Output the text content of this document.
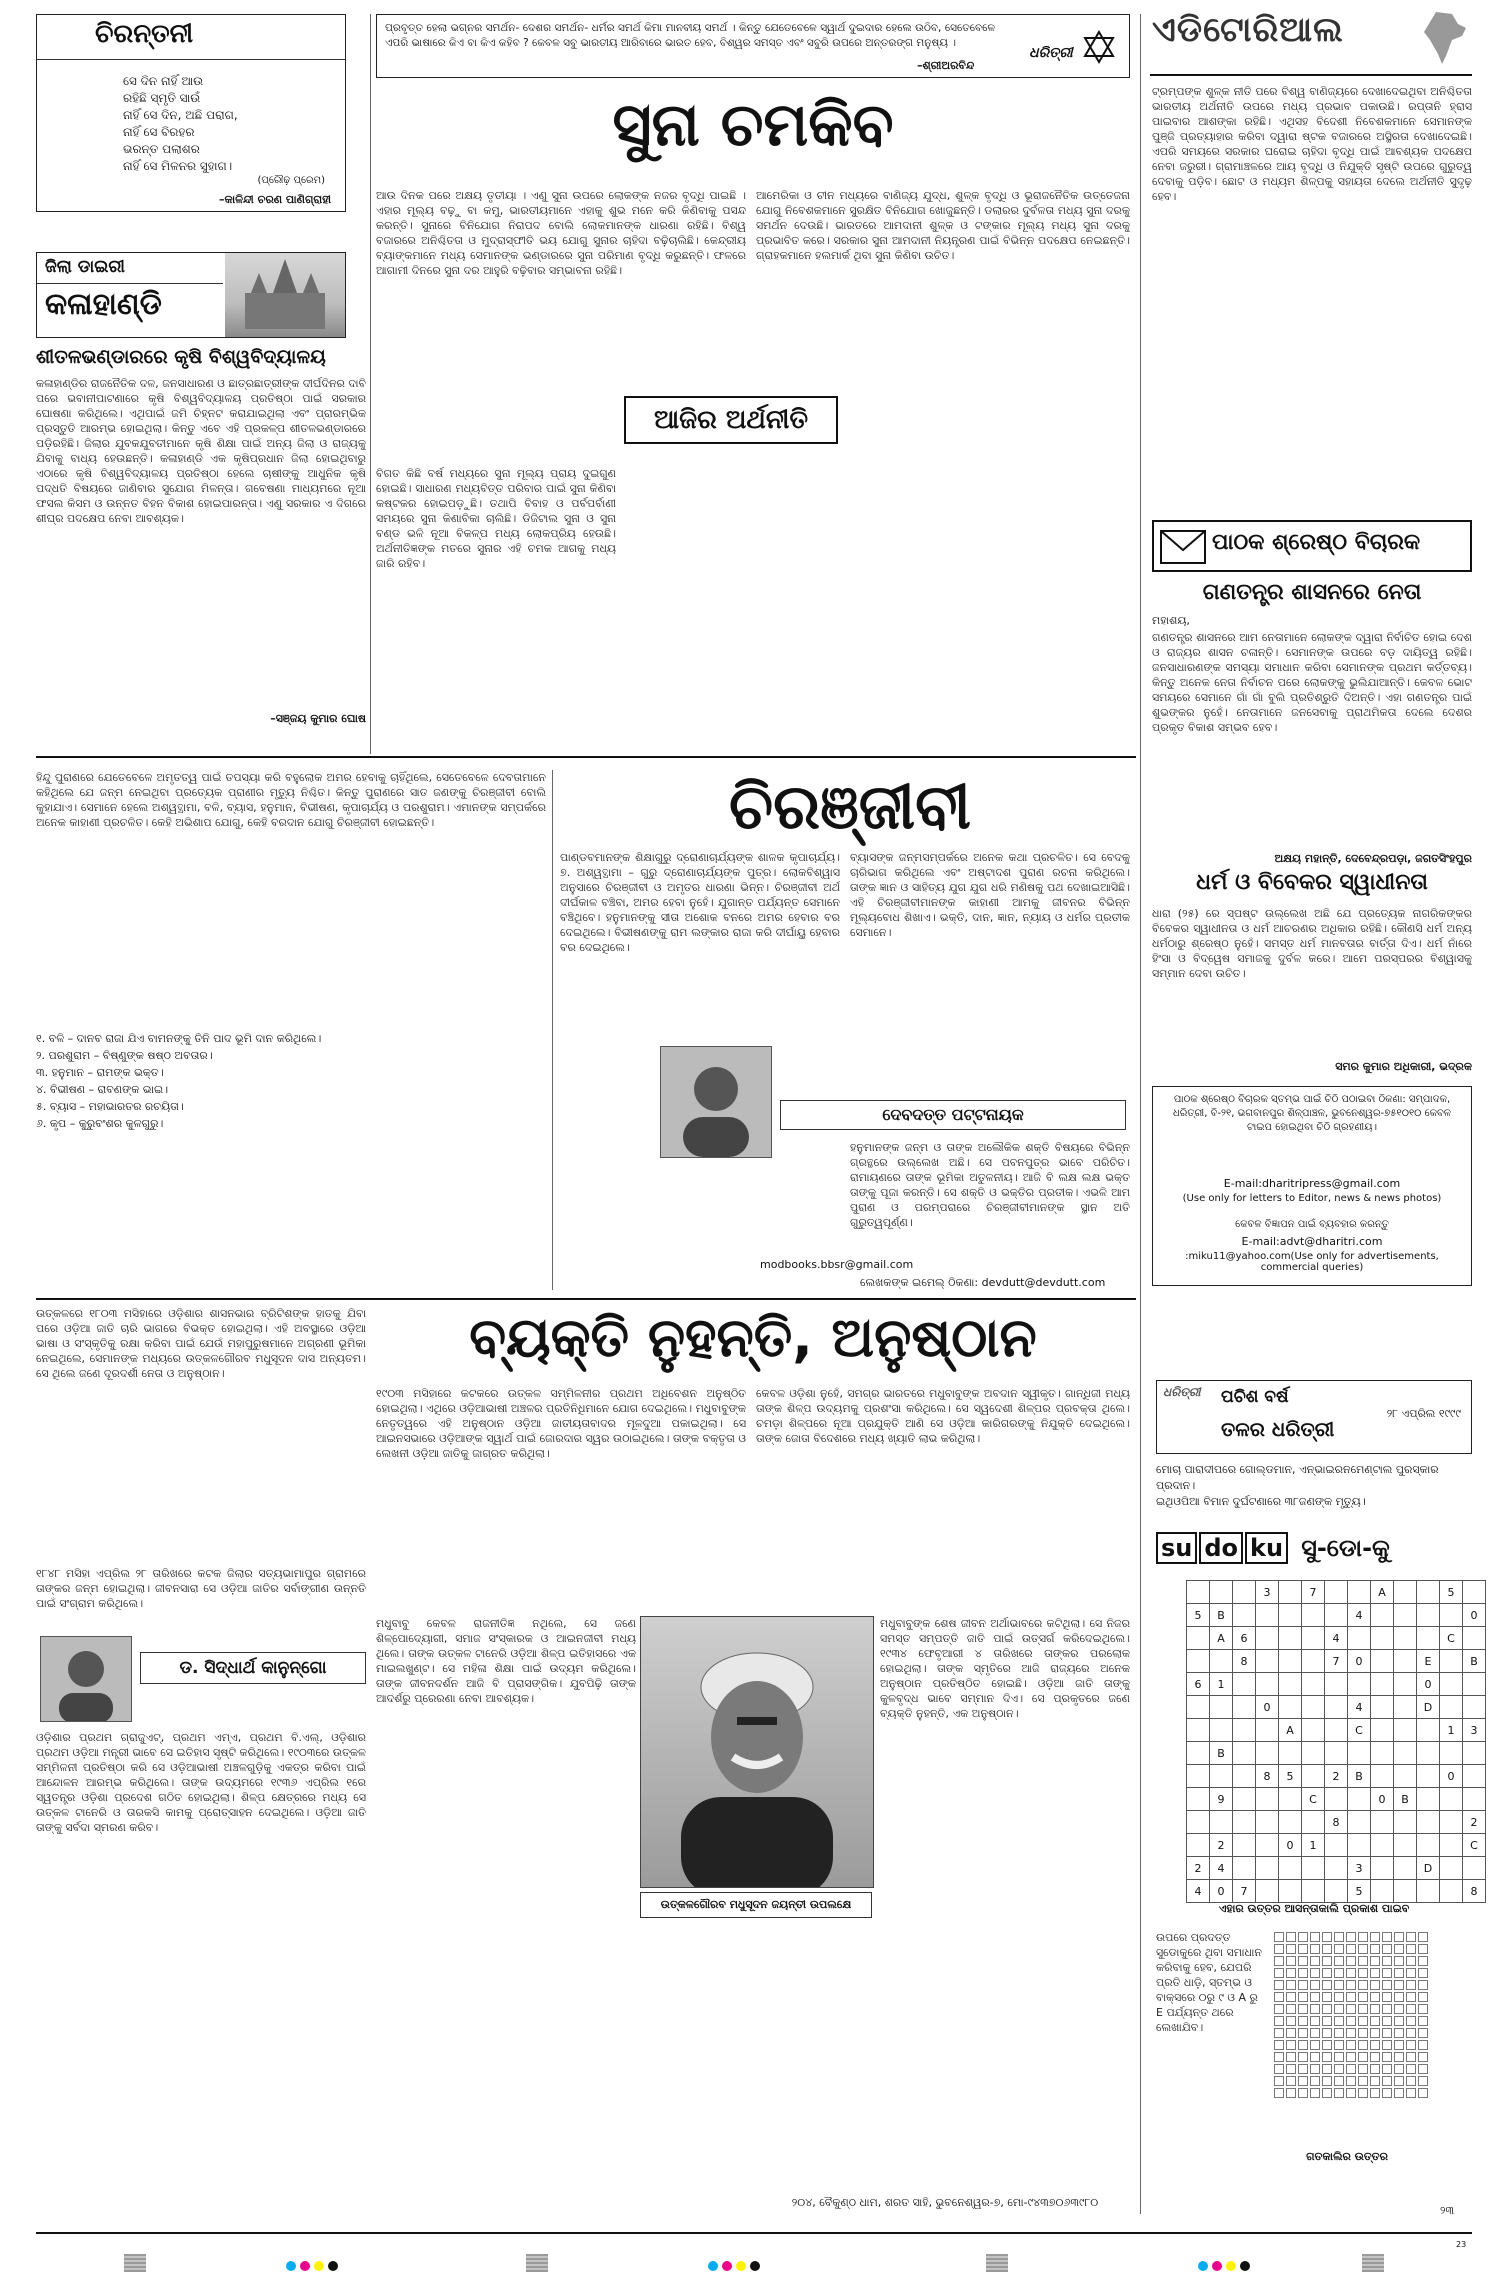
ଚିରନ୍ତନୀ
ସେ ଦିନ ନାହିଁ ଆଉ
ରହିଛି ସ୍ମୃତି ସାଉଁ
ନାହିଁ ସେ ଦିନ, ଅଛି ପରାଗ,
ନାହିଁ ସେ ବିରହର
ଭରନ୍ତ ପଲାଶର
ନାହିଁ ସେ ମିଳନର ସୁହାଗ।
(ପ୍ରୌଢ଼ ପ୍ରେମ)
–କାଳିନ୍ଦୀ ଚରଣ ପାଣିଗ୍ରାହୀ
ପ୍ରବୃତ୍ତ ହେଲା ଭଗ୍ନର ସମର୍ଥନ- ଦେଶର ସମର୍ଥନ- ଧର୍ମର ସମର୍ଥ କିମା ମାନବୀୟ ସମର୍ଥ । କିନ୍ତୁ ଯେତେବେଳେ ସ୍ୱାର୍ଥ ଦୁଇଦାର ହେଲେ ଉଠିବ, ସେତେବେଳେ ଏପରି ଭାଷାରେ କିଏ ବା କିଏ କହିବ ? କେବଳ ସବୁ ଭାରତୀୟ ଆରିବାରେ ଭାରତ ହେବ, ବିଶ୍ୱର ସମସ୍ତ ଏବଂ ସବୁରି ଉପରେ ଅନ୍ତରଙ୍ଗ ମନୁଷ୍ୟ ।
–ଶ୍ରୀଅରବିନ୍ଦ
ଧରିତ୍ରୀ
ଏଡିଟୋରିଆଲ
ଟ୍ରମ୍ପଙ୍କ ଶୁଳ୍କ ନୀତି ପରେ ବିଶ୍ୱ ବାଣିଜ୍ୟରେ ଦେଖାଦେଇଥିବା ଅନିଶ୍ଚିତତା ଭାରତୀୟ ଅର୍ଥନୀତି ଉପରେ ମଧ୍ୟ ପ୍ରଭାବ ପକାଉଛି। ରପ୍ତାନି ହ୍ରାସ ପାଇବାର ଆଶଙ୍କା ରହିଛି। ଏଥିସହ ବିଦେଶୀ ନିବେଶକମାନେ ସେମାନଙ୍କ ପୁଞ୍ଜି ପ୍ରତ୍ୟାହାର କରିବା ଦ୍ୱାରା ଷ୍ଟକ ବଜାରରେ ଅସ୍ଥିରତା ଦେଖାଦେଇଛି। ଏପରି ସମୟରେ ସରକାର ଘରୋଇ ଚାହିଦା ବୃଦ୍ଧି ପାଇଁ ଆବଶ୍ୟକ ପଦକ୍ଷେପ ନେବା ଜରୁରୀ। ଗ୍ରାମାଞ୍ଚଳରେ ଆୟ ବୃଦ୍ଧି ଓ ନିଯୁକ୍ତି ସୃଷ୍ଟି ଉପରେ ଗୁରୁତ୍ୱ ଦେବାକୁ ପଡ଼ିବ। ଛୋଟ ଓ ମଧ୍ୟମ ଶିଳ୍ପକୁ ସହାୟତା ଦେଲେ ଅର୍ଥନୀତି ସୁଦୃଢ଼ ହେବ।
ଜିଲା ଡାଇରୀ
କଳାହାଣ୍ଡି
ଶୀତଳଭଣ୍ଡାରରେ କୃଷି ବିଶ୍ୱବିଦ୍ୟାଳୟ
କଳାହାଣ୍ଡିର ରାଜନୈତିକ ଦଳ, ଜନସାଧାରଣ ଓ ଛାତ୍ରଛାତ୍ରୀଙ୍କ ଦୀର୍ଘଦିନର ଦାବି ପରେ ଭବାନୀପାଟଣାରେ କୃଷି ବିଶ୍ୱବିଦ୍ୟାଳୟ ପ୍ରତିଷ୍ଠା ପାଇଁ ସରକାର ଘୋଷଣା କରିଥିଲେ। ଏଥିପାଇଁ ଜମି ଚିହ୍ନଟ କରାଯାଇଥିଲା ଏବଂ ପ୍ରାରମ୍ଭିକ ପ୍ରସ୍ତୁତି ଆରମ୍ଭ ହୋଇଥିଲା। କିନ୍ତୁ ଏବେ ଏହି ପ୍ରକଳ୍ପ ଶୀତଳଭଣ୍ଡାରରେ ପଡ଼ିରହିଛି। ଜିଲାର ଯୁବକଯୁବତୀମାନେ କୃଷି ଶିକ୍ଷା ପାଇଁ ଅନ୍ୟ ଜିଲା ଓ ରାଜ୍ୟକୁ ଯିବାକୁ ବାଧ୍ୟ ହେଉଛନ୍ତି। କଳାହାଣ୍ଡି ଏକ କୃଷିପ୍ରଧାନ ଜିଲା ହୋଇଥିବାରୁ ଏଠାରେ କୃଷି ବିଶ୍ୱବିଦ୍ୟାଳୟ ପ୍ରତିଷ୍ଠା ହେଲେ ଚାଷୀଙ୍କୁ ଆଧୁନିକ କୃଷି ପଦ୍ଧତି ବିଷୟରେ ଜାଣିବାର ସୁଯୋଗ ମିଳନ୍ତା। ଗବେଷଣା ମାଧ୍ୟମରେ ନୂଆ ଫସଲ କିସମ ଓ ଉନ୍ନତ ବିହନ ବିକାଶ ହୋଇପାରନ୍ତା। ଏଣୁ ସରକାର ଏ ଦିଗରେ ଶୀଘ୍ର ପଦକ୍ଷେପ ନେବା ଆବଶ୍ୟକ।
–ସଞ୍ଜୟ କୁମାର ଘୋଷ
ସୁନା ଚମକିବ
ଆଉ ଦିନକ ପରେ ଅକ୍ଷୟ ତୃତୀୟା । ଏଣୁ ସୁନା ଉପରେ ଲୋକଙ୍କ ନଜର ବୃଦ୍ଧି ପାଇଛି । ଏହାର ମୂଲ୍ୟ ବଢ଼ୁ ବା କମୁ, ଭାରତୀୟମାନେ ଏହାକୁ ଶୁଭ ମନେ କରି କିଣିବାକୁ ପସନ୍ଦ କରନ୍ତି। ସୁନାରେ ବିନିଯୋଗ ନିରାପଦ ବୋଲି ଲୋକମାନଙ୍କ ଧାରଣା ରହିଛି। ବିଶ୍ୱ ବଜାରରେ ଅନିଶ୍ଚିତତା ଓ ମୁଦ୍ରାସ୍ଫୀତି ଭୟ ଯୋଗୁ ସୁନାର ଚାହିଦା ବଢ଼ିଚାଲିଛି। କେନ୍ଦ୍ରୀୟ ବ୍ୟାଙ୍କମାନେ ମଧ୍ୟ ସେମାନଙ୍କ ଭଣ୍ଡାରରେ ସୁନା ପରିମାଣ ବୃଦ୍ଧି କରୁଛନ୍ତି। ଫଳରେ ଆଗାମୀ ଦିନରେ ସୁନା ଦର ଆହୁରି ବଢ଼ିବାର ସମ୍ଭାବନା ରହିଛି।
ବିଗତ କିଛି ବର୍ଷ ମଧ୍ୟରେ ସୁନା ମୂଲ୍ୟ ପ୍ରାୟ ଦୁଇଗୁଣ ହୋଇଛି। ସାଧାରଣ ମଧ୍ୟବିତ୍ତ ପରିବାର ପାଇଁ ସୁନା କିଣିବା କଷ୍ଟକର ହୋଇପଡ଼ୁଛି। ତଥାପି ବିବାହ ଓ ପର୍ବପର୍ବାଣୀ ସମୟରେ ସୁନା କିଣାବିକା ଚାଲିଛି। ଡିଜିଟାଲ ସୁନା ଓ ସୁନା ବଣ୍ଡ ଭଳି ନୂଆ ବିକଳ୍ପ ମଧ୍ୟ ଲୋକପ୍ରିୟ ହେଉଛି। ଅର୍ଥନୀତିଜ୍ଞଙ୍କ ମତରେ ସୁନାର ଏହି ଚମକ ଆଗକୁ ମଧ୍ୟ ଜାରି ରହିବ।
ଆମେରିକା ଓ ଚୀନ ମଧ୍ୟରେ ବାଣିଜ୍ୟ ଯୁଦ୍ଧ, ଶୁଳ୍କ ବୃଦ୍ଧି ଓ ଭୂରାଜନୈତିକ ଉତ୍ତେଜନା ଯୋଗୁ ନିବେଶକମାନେ ସୁରକ୍ଷିତ ବିନିଯୋଗ ଖୋଜୁଛନ୍ତି। ଡଲାରର ଦୁର୍ବଳତା ମଧ୍ୟ ସୁନା ଦରକୁ ସମର୍ଥନ ଦେଉଛି। ଭାରତରେ ଆମଦାନୀ ଶୁଳ୍କ ଓ ଟଙ୍କାର ମୂଲ୍ୟ ମଧ୍ୟ ସୁନା ଦରକୁ ପ୍ରଭାବିତ କରେ। ସରକାର ସୁନା ଆମଦାନୀ ନିୟନ୍ତ୍ରଣ ପାଇଁ ବିଭିନ୍ନ ପଦକ୍ଷେପ ନେଇଛନ୍ତି। ଗ୍ରାହକମାନେ ହଲମାର୍କ ଥିବା ସୁନା କିଣିବା ଉଚିତ।
ଆଜିର ଅର୍ଥନୀତି
ପାଠକ ଶ୍ରେଷ୍ଠ ବିଚାରକ
ଗଣତନ୍ତ୍ର ଶାସନରେ ନେତା
ମହାଶୟ,
ଗଣତନ୍ତ୍ର ଶାସନରେ ଆମ ନେତାମାନେ ଲୋକଙ୍କ ଦ୍ୱାରା ନିର୍ବାଚିତ ହୋଇ ଦେଶ ଓ ରାଜ୍ୟର ଶାସନ ଚଳାନ୍ତି। ସେମାନଙ୍କ ଉପରେ ବଡ଼ ଦାୟିତ୍ୱ ରହିଛି। ଜନସାଧାରଣଙ୍କ ସମସ୍ୟା ସମାଧାନ କରିବା ସେମାନଙ୍କ ପ୍ରଥମ କର୍ତ୍ତବ୍ୟ। କିନ୍ତୁ ଅନେକ ନେତା ନିର୍ବାଚନ ପରେ ଲୋକଙ୍କୁ ଭୁଲିଯାଆନ୍ତି। କେବଳ ଭୋଟ ସମୟରେ ସେମାନେ ଗାଁ ଗାଁ ବୁଲି ପ୍ରତିଶ୍ରୁତି ଦିଅନ୍ତି। ଏହା ଗଣତନ୍ତ୍ର ପାଇଁ ଶୁଭଙ୍କର ନୁହେଁ। ନେତାମାନେ ଜନସେବାକୁ ପ୍ରାଥମିକତା ଦେଲେ ଦେଶର ପ୍ରକୃତ ବିକାଶ ସମ୍ଭବ ହେବ।
ଅକ୍ଷୟ ମହାନ୍ତି, ଦେବେନ୍ଦ୍ରପଡ଼ା, ଜଗତସିଂହପୁର
ଧର୍ମ ଓ ବିବେକର ସ୍ୱାଧୀନତା
ଧାରା (୨୫) ରେ ସ୍ପଷ୍ଟ ଉଲ୍ଲେଖ ଅଛି ଯେ ପ୍ରତ୍ୟେକ ନାଗରିକଙ୍କର ବିବେକର ସ୍ୱାଧୀନତା ଓ ଧର୍ମ ଆଚରଣର ଅଧିକାର ରହିଛି। କୌଣସି ଧର୍ମ ଅନ୍ୟ ଧର୍ମଠାରୁ ଶ୍ରେଷ୍ଠ ନୁହେଁ। ସମସ୍ତ ଧର୍ମ ମାନବତାର ବାର୍ତ୍ତା ଦିଏ। ଧର୍ମ ନାଁରେ ହିଂସା ଓ ବିଦ୍ୱେଷ ସମାଜକୁ ଦୁର୍ବଳ କରେ। ଆମେ ପରସ୍ପରର ବିଶ୍ୱାସକୁ ସମ୍ମାନ ଦେବା ଉଚିତ।
ସମର କୁମାର ଅଧିକାରୀ, ଭଦ୍ରକ
ପାଠକ ଶ୍ରେଷ୍ଠ ବିଚାରକ ସ୍ତମ୍ଭ ପାଇଁ ଚିଠି ପଠାଇବା ଠିକଣା: ସମ୍ପାଦକ, ଧରିତ୍ରୀ, ବି-୨୧, ଭଗବାନପୁର ଶିଳ୍ପାଞ୍ଚଳ, ଭୁବନେଶ୍ୱର-୭୫୧୦୧୦ କେବଳ ଟାଇପ ହୋଇଥିବା ଚିଠି ଗ୍ରହଣୀୟ।
E-mail:dharitripress@gmail.com
(Use only for letters to Editor, news & news photos)
କେବଳ ବିଜ୍ଞାପନ ପାଇଁ ବ୍ୟବହାର କରନ୍ତୁ
E-mail:advt@dharitri.com
:miku11@yahoo.com(Use only for advertisements, commercial queries)
ଚିରଞ୍ଜୀବୀ
ହିନ୍ଦୁ ପୁରାଣରେ ଯେତେବେଳେ ଅମୃତତ୍ୱ ପାଇଁ ତପସ୍ୟା କରି ବହୁଲୋକ ଅମର ହେବାକୁ ଚାହିଁଥିଲେ, ସେତେବେଳେ ଦେବତାମାନେ କହିଥିଲେ ଯେ ଜନ୍ମ ନେଇଥିବା ପ୍ରତ୍ୟେକ ପ୍ରାଣୀର ମୃତ୍ୟୁ ନିଶ୍ଚିତ। କିନ୍ତୁ ପୁରାଣରେ ସାତ ଜଣଙ୍କୁ ଚିରଞ୍ଜୀବୀ ବୋଲି କୁହାଯାଏ। ସେମାନେ ହେଲେ ଅଶ୍ୱତ୍ଥାମା, ବଳି, ବ୍ୟାସ, ହନୁମାନ, ବିଭୀଷଣ, କୃପାଚାର୍ଯ୍ୟ ଓ ପରଶୁରାମ। ଏମାନଙ୍କ ସମ୍ପର୍କରେ ଅନେକ କାହାଣୀ ପ୍ରଚଳିତ। କେହି ଅଭିଶାପ ଯୋଗୁ, କେହି ବରଦାନ ଯୋଗୁ ଚିରଞ୍ଜୀବୀ ହୋଇଛନ୍ତି।
୧. ବଳି – ଦାନବ ରାଜା ଯିଏ ବାମନଙ୍କୁ ତିନି ପାଦ ଭୂମି ଦାନ କରିଥିଲେ।
୨. ପରଶୁରାମ – ବିଷ୍ଣୁଙ୍କ ଷଷ୍ଠ ଅବତାର।
୩. ହନୁମାନ – ରାମଙ୍କ ଭକ୍ତ।
୪. ବିଭୀଷଣ – ରାବଣଙ୍କ ଭାଇ।
୫. ବ୍ୟାସ – ମହାଭାରତର ରଚୟିତା।
୬. କୃପ – କୁରୁବଂଶର କୁଳଗୁରୁ।
ପାଣ୍ଡବମାନଙ୍କ ଶିକ୍ଷାଗୁରୁ ଦ୍ରୋଣାଚାର୍ଯ୍ୟଙ୍କ ଶାଳକ କୃପାଚାର୍ଯ୍ୟ। ୭. ଅଶ୍ୱତ୍ଥାମା – ଗୁରୁ ଦ୍ରୋଣାଚାର୍ଯ୍ୟଙ୍କ ପୁତ୍ର। ଲୋକବିଶ୍ୱାସ ଅନୁସାରେ ଚିରଞ୍ଜୀବୀ ଓ ଅମୃତର ଧାରଣା ଭିନ୍ନ। ଚିରଞ୍ଜୀବୀ ଅର୍ଥ ଦୀର୍ଘକାଳ ବଞ୍ଚିବା, ଅମର ହେବା ନୁହେଁ। ଯୁଗାନ୍ତ ପର୍ଯ୍ୟନ୍ତ ସେମାନେ ବଞ୍ଚିଥିବେ। ହନୁମାନଙ୍କୁ ସୀତା ଅଶୋକ ବନରେ ଅମର ହେବାର ବର ଦେଇଥିଲେ। ବିଭୀଷଣଙ୍କୁ ରାମ ଲଙ୍କାର ରାଜା କରି ଦୀର୍ଘାୟୁ ହେବାର ବର ଦେଇଥିଲେ।
ବ୍ୟାସଙ୍କ ଜନ୍ମସମ୍ପର୍କରେ ଅନେକ କଥା ପ୍ରଚଳିତ। ସେ ବେଦକୁ ଚାରିଭାଗ କରିଥିଲେ ଏବଂ ଅଷ୍ଟାଦଶ ପୁରାଣ ରଚନା କରିଥିଲେ। ତାଙ୍କ ଜ୍ଞାନ ଓ ସାହିତ୍ୟ ଯୁଗ ଯୁଗ ଧରି ମଣିଷକୁ ପଥ ଦେଖାଇଆସିଛି। ଏହି ଚିରଞ୍ଜୀବୀମାନଙ୍କ କାହାଣୀ ଆମକୁ ଜୀବନର ବିଭିନ୍ନ ମୂଲ୍ୟବୋଧ ଶିଖାଏ। ଭକ୍ତି, ଦାନ, ଜ୍ଞାନ, ନ୍ୟାୟ ଓ ଧର୍ମର ପ୍ରତୀକ ସେମାନେ।
ଦେବଦତ୍ତ ପଟ୍ଟନାୟକ
ହନୁମାନଙ୍କ ଜନ୍ମ ଓ ତାଙ୍କ ଅଲୌକିକ ଶକ୍ତି ବିଷୟରେ ବିଭିନ୍ନ ଗ୍ରନ୍ଥରେ ଉଲ୍ଲେଖ ଅଛି। ସେ ପବନପୁତ୍ର ଭାବେ ପରିଚିତ। ରାମାୟଣରେ ତାଙ୍କ ଭୂମିକା ଅତୁଳନୀୟ। ଆଜି ବି ଲକ୍ଷ ଲକ୍ଷ ଭକ୍ତ ତାଙ୍କୁ ପୂଜା କରନ୍ତି। ସେ ଶକ୍ତି ଓ ଭକ୍ତିର ପ୍ରତୀକ। ଏଭଳି ଆମ ପୁରାଣ ଓ ପରମ୍ପରାରେ ଚିରଞ୍ଜୀବୀମାନଙ୍କ ସ୍ଥାନ ଅତି ଗୁରୁତ୍ୱପୂର୍ଣ୍ଣ।
modbooks.bbsr@gmail.com
ଲେଖକଙ୍କ ଇମେଲ୍ ଠିକଣା: devdutt@devdutt.com
ବ୍ୟକ୍ତି ନୁହନ୍ତି, ଅନୁଷ୍ଠାନ
ଉତ୍କଳରେ ୧୮୦୩ ମସିହାରେ ଓଡ଼ିଶାର ଶାସନଭାର ବ୍ରିଟିଶଙ୍କ ହାତକୁ ଯିବା ପରେ ଓଡ଼ିଆ ଜାତି ଚାରି ଭାଗରେ ବିଭକ୍ତ ହୋଇଥିଲା। ଏହି ଅବସ୍ଥାରେ ଓଡ଼ିଆ ଭାଷା ଓ ସଂସ୍କୃତିକୁ ରକ୍ଷା କରିବା ପାଇଁ ଯେଉଁ ମହାପୁରୁଷମାନେ ଅଗ୍ରଣୀ ଭୂମିକା ନେଇଥିଲେ, ସେମାନଙ୍କ ମଧ୍ୟରେ ଉତ୍କଳଗୌରବ ମଧୁସୂଦନ ଦାସ ଅନ୍ୟତମ। ସେ ଥିଲେ ଜଣେ ଦୂରଦର୍ଶୀ ନେତା ଓ ଅନୁଷ୍ଠାନ।
୧୮୪୮ ମସିହା ଏପ୍ରିଲ ୨୮ ତାରିଖରେ କଟକ ଜିଲାର ସତ୍ୟଭାମାପୁର ଗ୍ରାମରେ ତାଙ୍କର ଜନ୍ମ ହୋଇଥିଲା। ଜୀବନସାରା ସେ ଓଡ଼ିଆ ଜାତିର ସର୍ବାଙ୍ଗୀଣ ଉନ୍ନତି ପାଇଁ ସଂଗ୍ରାମ କରିଥିଲେ।
ଡ. ସିଦ୍ଧାର୍ଥ କାନୁନ୍‌ଗୋ
ଓଡ଼ିଶାର ପ୍ରଥମ ଗ୍ରାଜୁଏଟ୍, ପ୍ରଥମ ଏମ୍ଏ, ପ୍ରଥମ ବି.ଏଲ୍, ଓଡ଼ିଶାର ପ୍ରଥମ ଓଡ଼ିଆ ମନ୍ତ୍ରୀ ଭାବେ ସେ ଇତିହାସ ସୃଷ୍ଟି କରିଥିଲେ। ୧୯୦୩ରେ ଉତ୍କଳ ସମ୍ମିଳନୀ ପ୍ରତିଷ୍ଠା କରି ସେ ଓଡ଼ିଆଭାଷୀ ଅଞ୍ଚଳଗୁଡ଼ିକୁ ଏକତ୍ର କରିବା ପାଇଁ ଆନ୍ଦୋଳନ ଆରମ୍ଭ କରିଥିଲେ। ତାଙ୍କ ଉଦ୍ୟମରେ ୧୯୩୬ ଏପ୍ରିଲ ୧ରେ ସ୍ୱତନ୍ତ୍ର ଓଡ଼ିଶା ପ୍ରଦେଶ ଗଠିତ ହୋଇଥିଲା। ଶିଳ୍ପ କ୍ଷେତ୍ରରେ ମଧ୍ୟ ସେ ଉତ୍କଳ ଟାନେରି ଓ ତାରକସି କାମକୁ ପ୍ରୋତ୍ସାହନ ଦେଇଥିଲେ। ଓଡ଼ିଆ ଜାତି ତାଙ୍କୁ ସର୍ବଦା ସ୍ମରଣ କରିବ।
୧୯୦୩ ମସିହାରେ କଟକରେ ଉତ୍କଳ ସମ୍ମିଳନୀର ପ୍ରଥମ ଅଧିବେଶନ ଅନୁଷ୍ଠିତ ହୋଇଥିଲା। ଏଥିରେ ଓଡ଼ିଆଭାଷୀ ଅଞ୍ଚଳର ପ୍ରତିନିଧିମାନେ ଯୋଗ ଦେଇଥିଲେ। ମଧୁବାବୁଙ୍କ ନେତୃତ୍ୱରେ ଏହି ଅନୁଷ୍ଠାନ ଓଡ଼ିଆ ଜାତୀୟତାବାଦର ମୂଳଦୁଆ ପକାଇଥିଲା। ସେ ଆଇନସଭାରେ ଓଡ଼ିଆଙ୍କ ସ୍ୱାର୍ଥ ପାଇଁ ଜୋରଦାର ସ୍ୱର ଉଠାଇଥିଲେ। ତାଙ୍କ ବକ୍ତୃତା ଓ ଲେଖନୀ ଓଡ଼ିଆ ଜାତିକୁ ଜାଗ୍ରତ କରିଥିଲା।
ମଧୁବାବୁ କେବଳ ରାଜନୀତିଜ୍ଞ ନଥିଲେ, ସେ ଜଣେ ଶିଳ୍ପୋଦ୍ୟୋଗୀ, ସମାଜ ସଂସ୍କାରକ ଓ ଆଇନଜୀବୀ ମଧ୍ୟ ଥିଲେ। ତାଙ୍କ ଉତ୍କଳ ଟାନେରି ଓଡ଼ିଆ ଶିଳ୍ପ ଇତିହାସରେ ଏକ ମାଇଲଖୁଣ୍ଟ। ସେ ମହିଳା ଶିକ୍ଷା ପାଇଁ ଉଦ୍ୟମ କରିଥିଲେ। ତାଙ୍କ ଜୀବନଦର୍ଶନ ଆଜି ବି ପ୍ରାସଙ୍ଗିକ। ଯୁବପିଢ଼ି ତାଙ୍କ ଆଦର୍ଶରୁ ପ୍ରେରଣା ନେବା ଆବଶ୍ୟକ।
ଉତ୍କଳଗୌରବ ମଧୁସୂଦନ ଜୟନ୍ତୀ ଉପଲକ୍ଷେ
କେବଳ ଓଡ଼ିଶା ନୁହେଁ, ସମଗ୍ର ଭାରତରେ ମଧୁବାବୁଙ୍କ ଅବଦାନ ସ୍ୱୀକୃତ। ଗାନ୍ଧିଜୀ ମଧ୍ୟ ତାଙ୍କ ଶିଳ୍ପ ଉଦ୍ୟମକୁ ପ୍ରଶଂସା କରିଥିଲେ। ସେ ସ୍ୱଦେଶୀ ଶିଳ୍ପର ପ୍ରବକ୍ତା ଥିଲେ। ଚମଡ଼ା ଶିଳ୍ପରେ ନୂଆ ପ୍ରଯୁକ୍ତି ଆଣି ସେ ଓଡ଼ିଆ କାରିଗରଙ୍କୁ ନିଯୁକ୍ତି ଦେଇଥିଲେ। ତାଙ୍କ ଜୋତା ବିଦେଶରେ ମଧ୍ୟ ଖ୍ୟାତି ଲାଭ କରିଥିଲା।
ମଧୁବାବୁଙ୍କ ଶେଷ ଜୀବନ ଅର୍ଥାଭାବରେ କଟିଥିଲା। ସେ ନିଜର ସମସ୍ତ ସମ୍ପତ୍ତି ଜାତି ପାଇଁ ଉତ୍ସର୍ଗ କରିଦେଇଥିଲେ। ୧୯୩୪ ଫେବୃଆରୀ ୪ ତାରିଖରେ ତାଙ୍କର ପରଲୋକ ହୋଇଥିଲା। ତାଙ୍କ ସ୍ମୃତିରେ ଆଜି ରାଜ୍ୟରେ ଅନେକ ଅନୁଷ୍ଠାନ ପ୍ରତିଷ୍ଠିତ ହୋଇଛି। ଓଡ଼ିଆ ଜାତି ତାଙ୍କୁ କୁଳବୃଦ୍ଧ ଭାବେ ସମ୍ମାନ ଦିଏ। ସେ ପ୍ରକୃତରେ ଜଣେ ବ୍ୟକ୍ତି ନୁହନ୍ତି, ଏକ ଅନୁଷ୍ଠାନ।
୨୦୪, ବୈକୁଣ୍ଠ ଧାମ, ଶରତ ସାହି, ଭୁବନେଶ୍ୱର-୭, ମୋ-୯୪୩୭୦୬୩୯୮୦
ଧରିତ୍ରୀ ପଚିଶ ବର୍ଷ
ତଳର ଧରିତ୍ରୀ
୨୮ ଏପ୍ରିଲ ୧୯୯୯
ମୋଚା ପାରାଦୀପରେ ଗୋଲ୍ଡମାନ, ଏନ୍‌ଭାଇରନମେଣ୍ଟାଲ ପୁରସ୍କାର ପ୍ରଦାନ।
ଇଥିଓପିଆ ବିମାନ ଦୁର୍ଘଟଣାରେ ୩୮ଜଣଙ୍କ ମୃତ୍ୟୁ।
su do ku ସୁ-ଡୋ-କୁ
			3		7			A			5	
5	B						4					0
	A	6				4					C	
		8				7	0			E		B
6	1									0		
			0				4			D		
				A			C				1	3
	B											
			8	5		2	B				0	
	9				C			0	B			
						8						2
	2			0	1							C
2	4						3			D		
4	0	7					5					8
ଏହାର ଉତ୍ତର ଆସନ୍ତାକାଲି ପ୍ରକାଶ ପାଇବ
ଉପରେ ପ୍ରଦତ୍ତ ସୁଡୋକୁରେ ଥିବା ସମାଧାନ କରିବାକୁ ହେବ, ଯେପରି ପ୍ରତି ଧାଡ଼ି, ସ୍ତମ୍ଭ ଓ ବାକ୍ସରେ ୦ରୁ ୯ ଓ A ରୁ E ପର୍ଯ୍ୟନ୍ତ ଥରେ ଲେଖାଯିବ।

ଗତକାଲିର ଉତ୍ତର
23
୨୩
